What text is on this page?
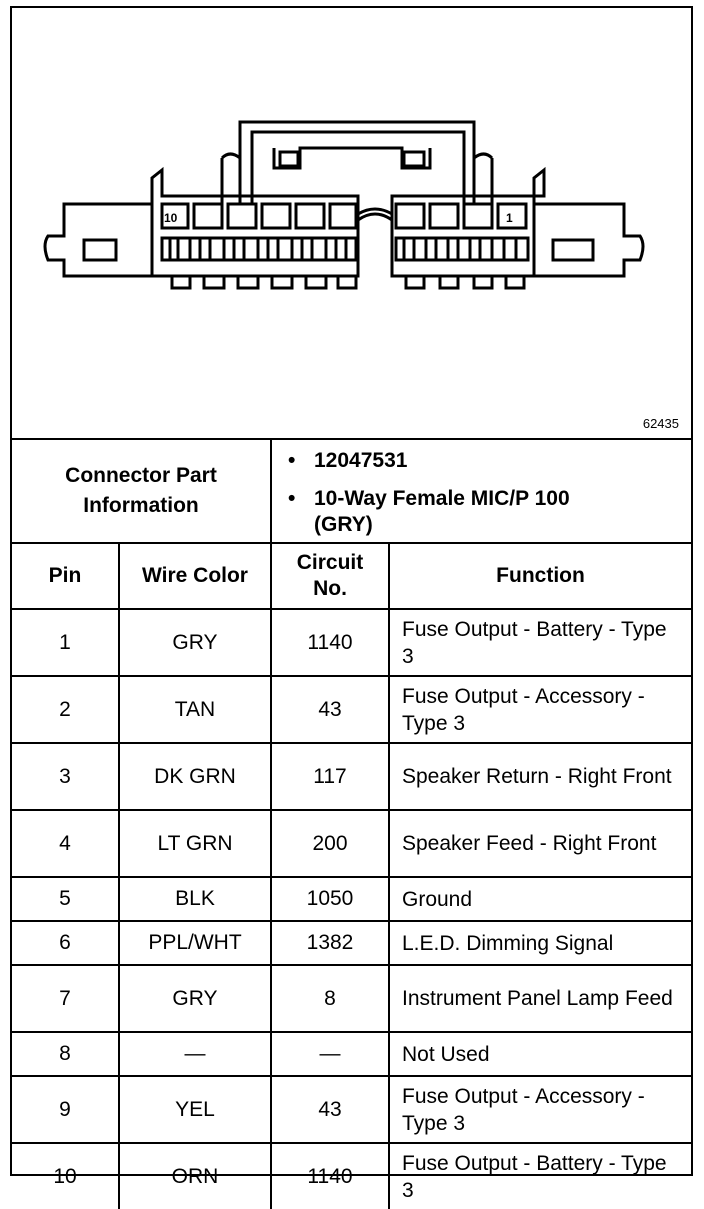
10	1
62435
Connector Part Information
• 12047531
• 10-Way Female MIC/P 100 (GRY)
Pin	Wire Color	Circuit No.	Function
1	GRY	1140	Fuse Output - Battery - Type 3
2	TAN	43	Fuse Output - Accessory - Type 3
3	DK GRN	117	Speaker Return - Right Front
4	LT GRN	200	Speaker Feed - Right Front
5	BLK	1050	Ground
6	PPL/WHT	1382	L.E.D. Dimming Signal
7	GRY	8	Instrument Panel Lamp Feed
8	—	—	Not Used
9	YEL	43	Fuse Output - Accessory - Type 3
10	ORN	1140	Fuse Output - Battery - Type 3
